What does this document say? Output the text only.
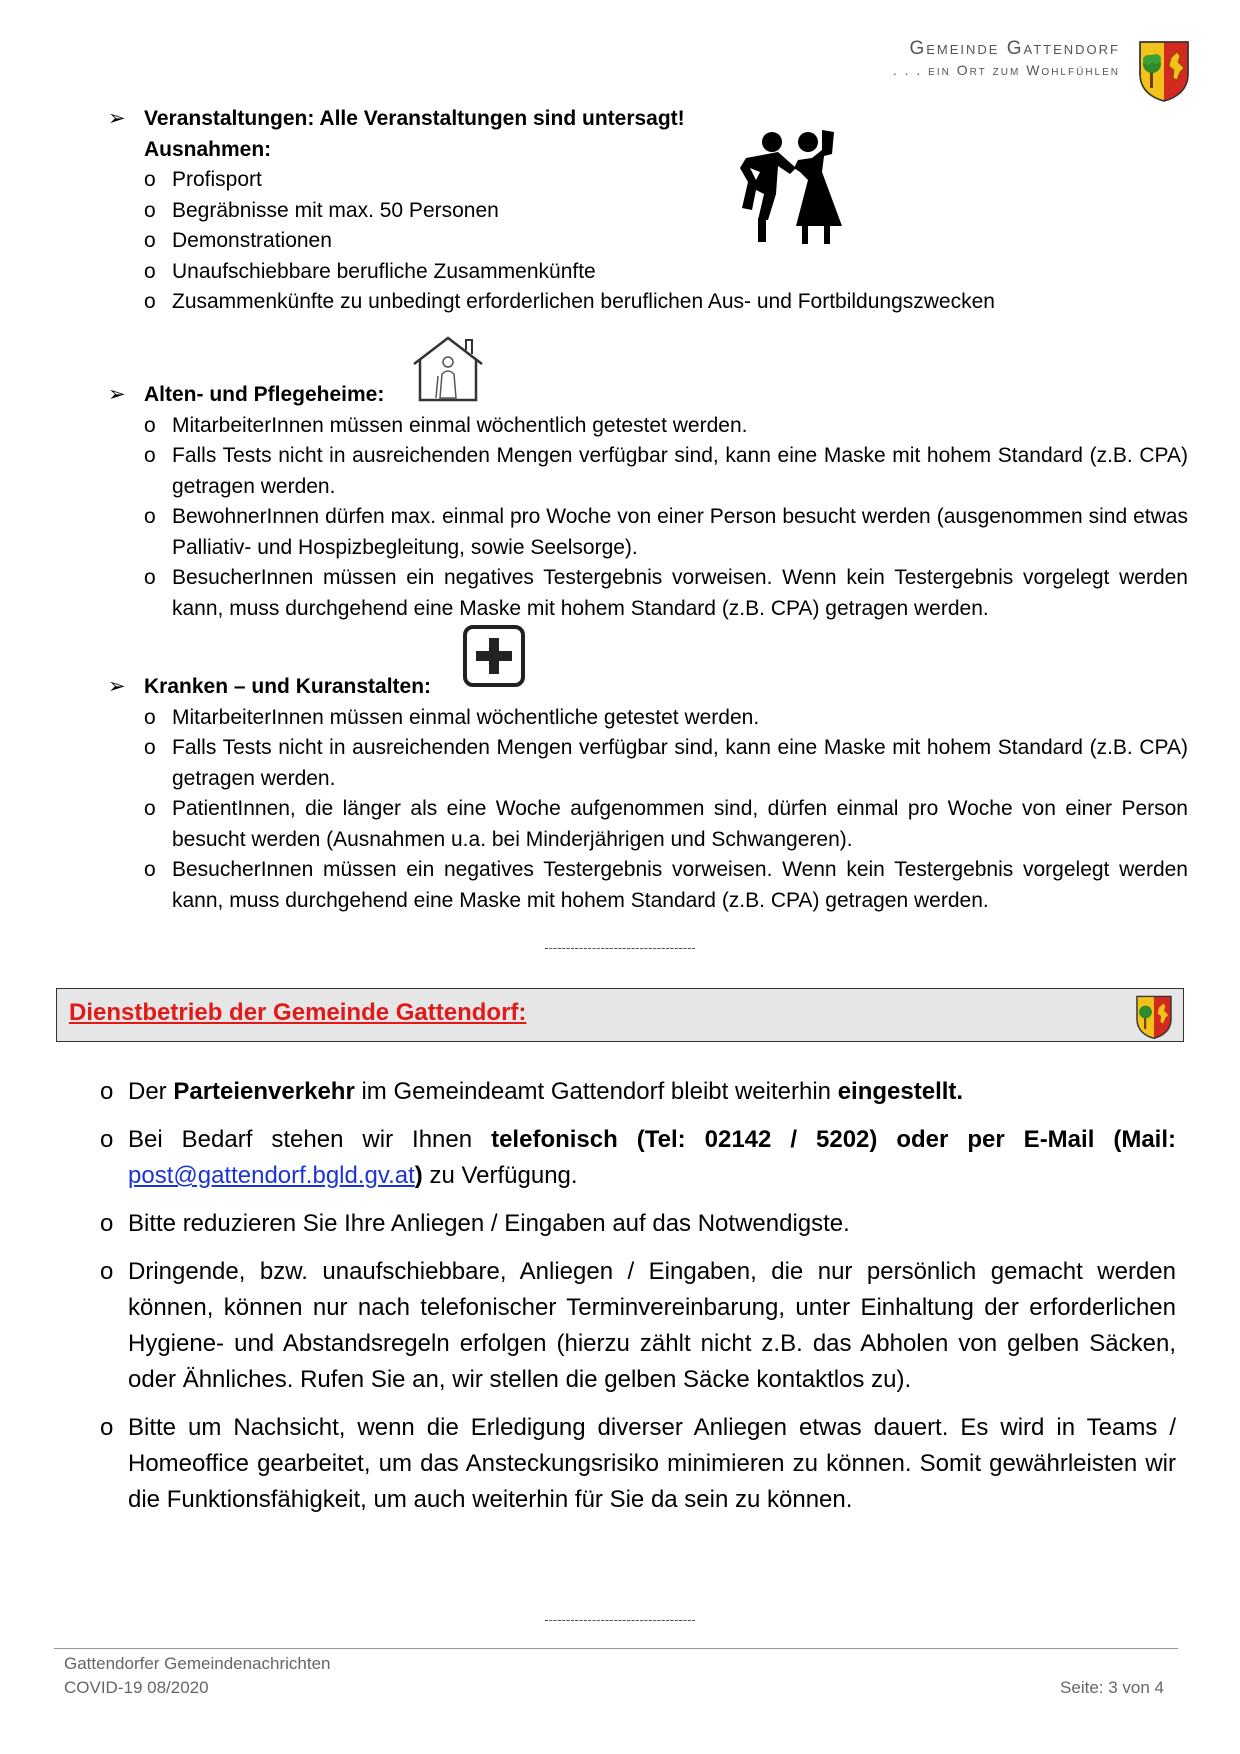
Gemeinde Gattendorf
. . . ein Ort zum Wohlfühlen
➢ Veranstaltungen: Alle Veranstaltungen sind untersagt!
Ausnahmen:
o Profisport
o Begräbnisse mit max. 50 Personen
o Demonstrationen
o Unaufschiebbare berufliche Zusammenkünfte
o Zusammenkünfte zu unbedingt erforderlichen beruflichen Aus- und Fortbildungszwecken
➢ Alten- und Pflegeheime:
o MitarbeiterInnen müssen einmal wöchentlich getestet werden.
o Falls Tests nicht in ausreichenden Mengen verfügbar sind, kann eine Maske mit hohem Standard (z.B. CPA) getragen werden.
o BewohnerInnen dürfen max. einmal pro Woche von einer Person besucht werden (ausgenommen sind etwas Palliativ- und Hospizbegleitung, sowie Seelsorge).
o BesucherInnen müssen ein negatives Testergebnis vorweisen. Wenn kein Testergebnis vorgelegt werden kann, muss durchgehend eine Maske mit hohem Standard (z.B. CPA) getragen werden.
➢ Kranken – und Kuranstalten:
o MitarbeiterInnen müssen einmal wöchentliche getestet werden.
o Falls Tests nicht in ausreichenden Mengen verfügbar sind, kann eine Maske mit hohem Standard (z.B. CPA) getragen werden.
o PatientInnen, die länger als eine Woche aufgenommen sind, dürfen einmal pro Woche von einer Person besucht werden (Ausnahmen u.a. bei Minderjährigen und Schwangeren).
o BesucherInnen müssen ein negatives Testergebnis vorweisen. Wenn kein Testergebnis vorgelegt werden kann, muss durchgehend eine Maske mit hohem Standard (z.B. CPA) getragen werden.
-----------------------------------
Dienstbetrieb der Gemeinde Gattendorf:
o Der Parteienverkehr im Gemeindeamt Gattendorf bleibt weiterhin eingestellt.
o Bei Bedarf stehen wir Ihnen telefonisch (Tel: 02142 / 5202) oder per E-Mail (Mail: post@gattendorf.bgld.gv.at) zu Verfügung.
o Bitte reduzieren Sie Ihre Anliegen / Eingaben auf das Notwendigste.
o Dringende, bzw. unaufschiebbare, Anliegen / Eingaben, die nur persönlich gemacht werden können, können nur nach telefonischer Terminvereinbarung, unter Einhaltung der erforderlichen Hygiene- und Abstandsregeln erfolgen (hierzu zählt nicht z.B. das Abholen von gelben Säcken, oder Ähnliches. Rufen Sie an, wir stellen die gelben Säcke kontaktlos zu).
o Bitte um Nachsicht, wenn die Erledigung diverser Anliegen etwas dauert. Es wird in Teams / Homeoffice gearbeitet, um das Ansteckungsrisiko minimieren zu können. Somit gewährleisten wir die Funktionsfähigkeit, um auch weiterhin für Sie da sein zu können.
-----------------------------------
Gattendorfer Gemeindenachrichten
COVID-19 08/2020	Seite: 3 von 4
